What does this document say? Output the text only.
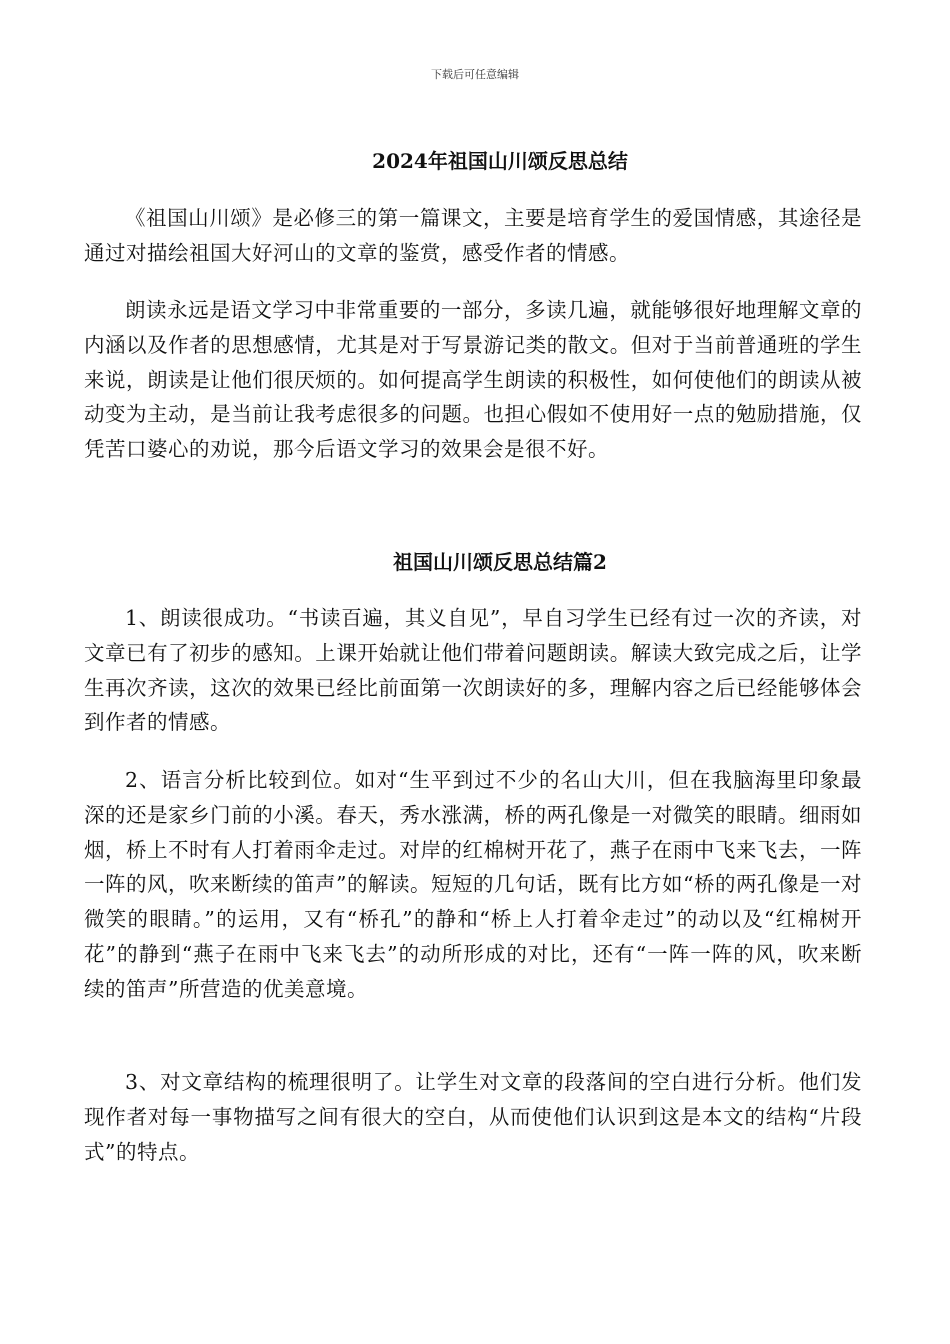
下载后可任意编辑
2024年祖国山川颂反思总结

《祖国山川颂》是必修三的第一篇课文，主要是培育学生的爱国情感，其途径是通过对描绘祖国大好河山的文章的鉴赏，感受作者的情感。

朗读永远是语文学习中非常重要的一部分，多读几遍，就能够很好地理解文章的内涵以及作者的思想感情，尤其是对于写景游记类的散文。但对于当前普通班的学生来说，朗读是让他们很厌烦的。如何提高学生朗读的积极性，如何使他们的朗读从被动变为主动，是当前让我考虑很多的问题。也担心假如不使用好一点的勉励措施，仅凭苦口婆心的劝说，那今后语文学习的效果会是很不好。

祖国山川颂反思总结篇2

1、朗读很成功。“书读百遍，其义自见”，早自习学生已经有过一次的齐读，对文章已有了初步的感知。上课开始就让他们带着问题朗读。解读大致完成之后，让学生再次齐读，这次的效果已经比前面第一次朗读好的多，理解内容之后已经能够体会到作者的情感。

2、语言分析比较到位。如对“生平到过不少的名山大川，但在我脑海里印象最深的还是家乡门前的小溪。春天，秀水涨满，桥的两孔像是一对微笑的眼睛。细雨如烟，桥上不时有人打着雨伞走过。对岸的红棉树开花了，燕子在雨中飞来飞去，一阵一阵的风，吹来断续的笛声”的解读。短短的几句话，既有比方如“桥的两孔像是一对微笑的眼睛。”的运用，又有“桥孔”的静和“桥上人打着伞走过”的动以及“红棉树开花”的静到“燕子在雨中飞来飞去”的动所形成的对比，还有“一阵一阵的风，吹来断续的笛声”所营造的优美意境。

3、对文章结构的梳理很明了。让学生对文章的段落间的空白进行分析。他们发现作者对每一事物描写之间有很大的空白，从而使他们认识到这是本文的结构“片段式”的特点。
